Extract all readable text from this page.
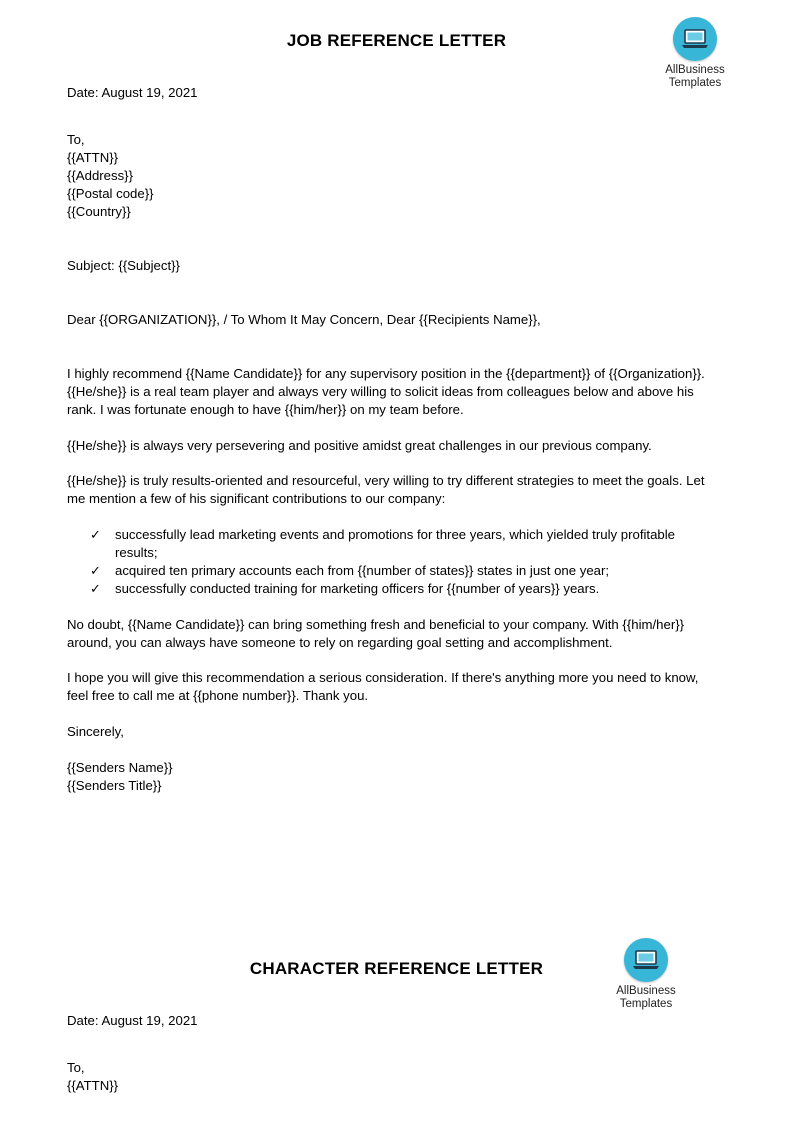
JOB REFERENCE LETTER
AllBusiness
Templates
Date: August 19, 2021
To,
{{ATTN}}
{{Address}}
{{Postal code}}
{{Country}}
Subject: {{Subject}}
Dear {{ORGANIZATION}}, / To Whom It May Concern, Dear {{Recipients Name}},
I highly recommend {{Name Candidate}} for any supervisory position in the {{department}} of {{Organization}}.
{{He/she}} is a real team player and always very willing to solicit ideas from colleagues below and above his
rank. I was fortunate enough to have {{him/her}} on my team before.
{{He/she}} is always very persevering and positive amidst great challenges in our previous company.
{{He/she}} is truly results-oriented and resourceful, very willing to try different strategies to meet the goals. Let
me mention a few of his significant contributions to our company:
✓ successfully lead marketing events and promotions for three years, which yielded truly profitable results;
✓ acquired ten primary accounts each from {{number of states}} states in just one year;
✓ successfully conducted training for marketing officers for {{number of years}} years.
No doubt, {{Name Candidate}} can bring something fresh and beneficial to your company. With {{him/her}}
around, you can always have someone to rely on regarding goal setting and accomplishment.
I hope you will give this recommendation a serious consideration. If there's anything more you need to know,
feel free to call me at {{phone number}}. Thank you.
Sincerely,
{{Senders Name}}
{{Senders Title}}
CHARACTER REFERENCE LETTER
AllBusiness
Templates
Date: August 19, 2021
To,
{{ATTN}}
